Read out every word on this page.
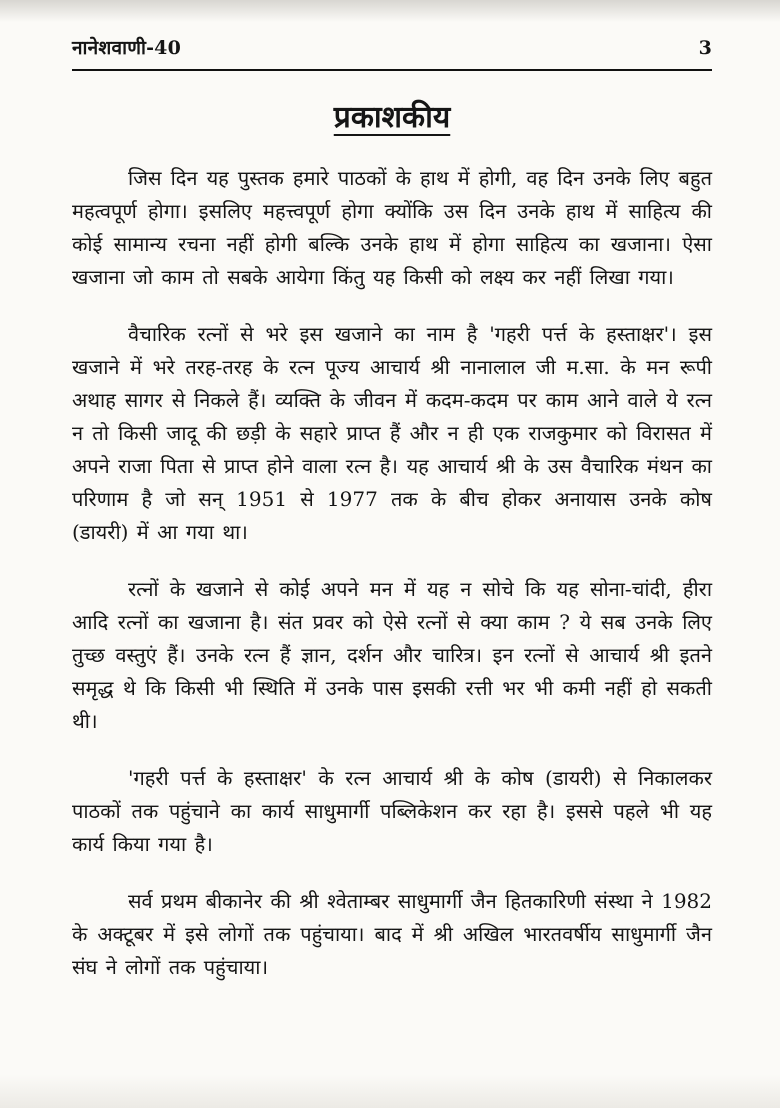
नानेशवाणी-40	3
प्रकाशकीय

जिस दिन यह पुस्तक हमारे पाठकों के हाथ में होगी, वह दिन उनके लिए बहुत महत्वपूर्ण होगा। इसलिए महत्त्वपूर्ण होगा क्योंकि उस दिन उनके हाथ में साहित्य की कोई सामान्य रचना नहीं होगी बल्कि उनके हाथ में होगा साहित्य का खजाना। ऐसा खजाना जो काम तो सबके आयेगा किंतु यह किसी को लक्ष्य कर नहीं लिखा गया।

वैचारिक रत्नों से भरे इस खजाने का नाम है 'गहरी पर्त्त के हस्ताक्षर'। इस खजाने में भरे तरह-तरह के रत्न पूज्य आचार्य श्री नानालाल जी म.सा. के मन रूपी अथाह सागर से निकले हैं। व्यक्ति के जीवन में कदम-कदम पर काम आने वाले ये रत्न न तो किसी जादू की छड़ी के सहारे प्राप्त हैं और न ही एक राजकुमार को विरासत में अपने राजा पिता से प्राप्त होने वाला रत्न है। यह आचार्य श्री के उस वैचारिक मंथन का परिणाम है जो सन् 1951 से 1977 तक के बीच होकर अनायास उनके कोष (डायरी) में आ गया था।

रत्नों के खजाने से कोई अपने मन में यह न सोचे कि यह सोना-चांदी, हीरा आदि रत्नों का खजाना है। संत प्रवर को ऐसे रत्नों से क्या काम ? ये सब उनके लिए तुच्छ वस्तुएं हैं। उनके रत्न हैं ज्ञान, दर्शन और चारित्र। इन रत्नों से आचार्य श्री इतने समृद्ध थे कि किसी भी स्थिति में उनके पास इसकी रत्ती भर भी कमी नहीं हो सकती थी।

'गहरी पर्त्त के हस्ताक्षर' के रत्न आचार्य श्री के कोष (डायरी) से निकालकर पाठकों तक पहुंचाने का कार्य साधुमार्गी पब्लिकेशन कर रहा है। इससे पहले भी यह कार्य किया गया है।

सर्व प्रथम बीकानेर की श्री श्वेताम्बर साधुमार्गी जैन हितकारिणी संस्था ने 1982 के अक्टूबर में इसे लोगों तक पहुंचाया। बाद में श्री अखिल भारतवर्षीय साधुमार्गी जैन संघ ने लोगों तक पहुंचाया।
